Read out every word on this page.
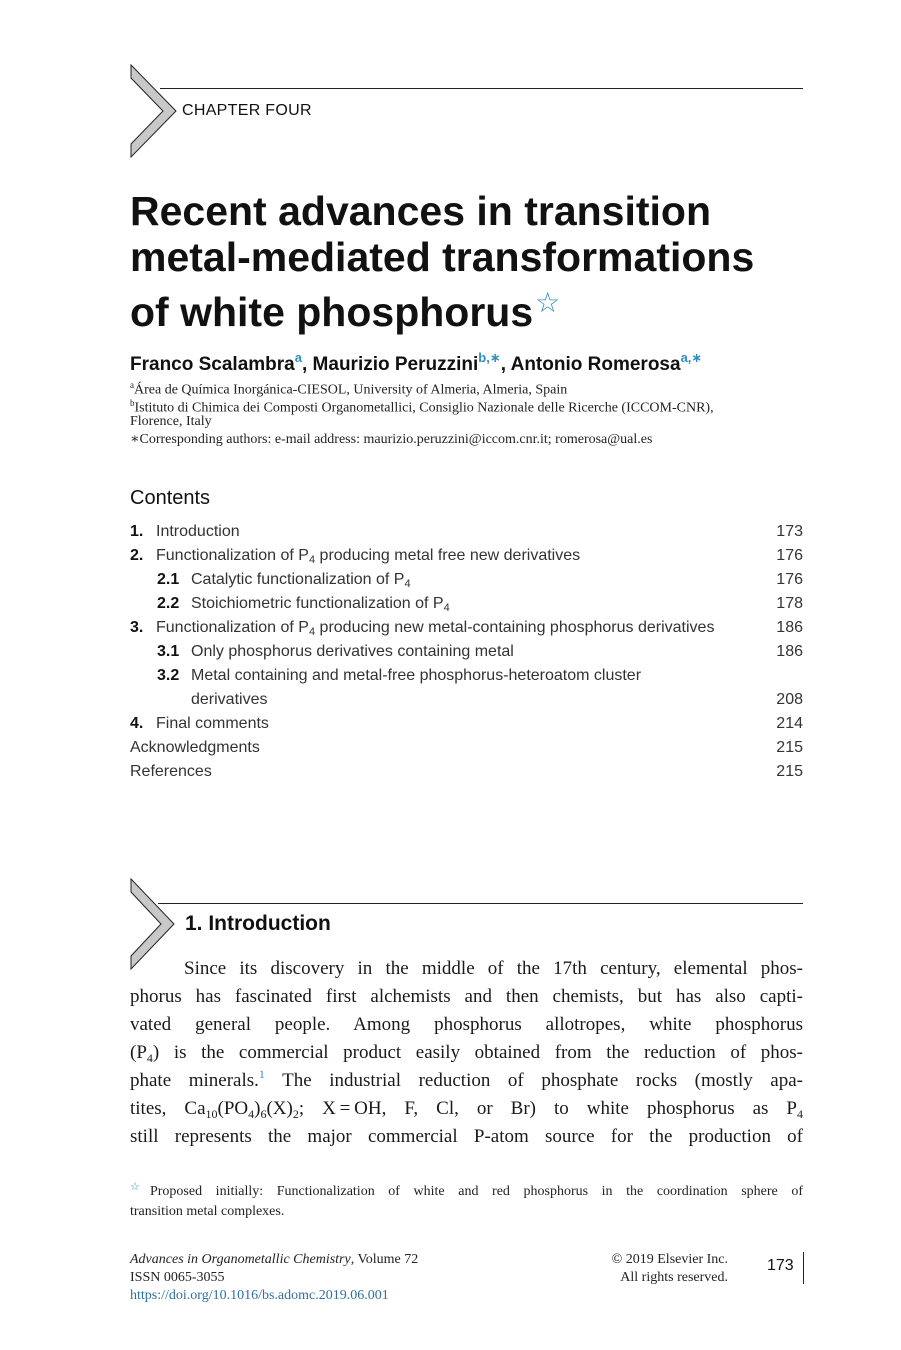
CHAPTER FOUR
Recent advances in transition
metal-mediated transformations
of white phosphorus☆
Franco Scalambra$^a$, Maurizio Peruzzini$^{b,∗}$, Antonio Romerosa$^{a,∗}$
$^a$Área de Química Inorgánica-CIESOL, University of Almeria, Almeria, Spain
$^b$Istituto di Chimica dei Composti Organometallici, Consiglio Nazionale delle Ricerche (ICCOM-CNR),
Florence, Italy
∗Corresponding authors: e-mail address: maurizio.peruzzini@iccom.cnr.it; romerosa@ual.es
Contents
1. Introduction	173
2. Functionalization of $P_4$ producing metal free new derivatives	176
2.1 Catalytic functionalization of $P_4$	176
2.2 Stoichiometric functionalization of $P_4$	178
3. Functionalization of $P_4$ producing new metal-containing phosphorus derivatives	186
3.1 Only phosphorus derivatives containing metal	186
3.2 Metal containing and metal-free phosphorus-heteroatom cluster
derivatives	208
4. Final comments	214
Acknowledgments	215
References	215
1. Introduction
Since its discovery in the middle of the 17th century, elemental phos-
phorus has fascinated first alchemists and then chemists, but has also capti-
vated general people. Among phosphorus allotropes, white phosphorus
$(P_4)$ is the commercial product easily obtained from the reduction of phos-
phate minerals.$^1$ The industrial reduction of phosphate rocks (mostly apa-
tites, $Ca_{10}(PO_4)_6(X)_2$; X = OH, F, Cl, or Br) to white phosphorus as $P_4$
still represents the major commercial P-atom source for the production of
☆Proposed initially: Functionalization of white and red phosphorus in the coordination sphere of
transition metal complexes.
Advances in Organometallic Chemistry, Volume 72
ISSN 0065-3055
https://doi.org/10.1016/bs.adomc.2019.06.001
© 2019 Elsevier Inc.
All rights reserved.
173
